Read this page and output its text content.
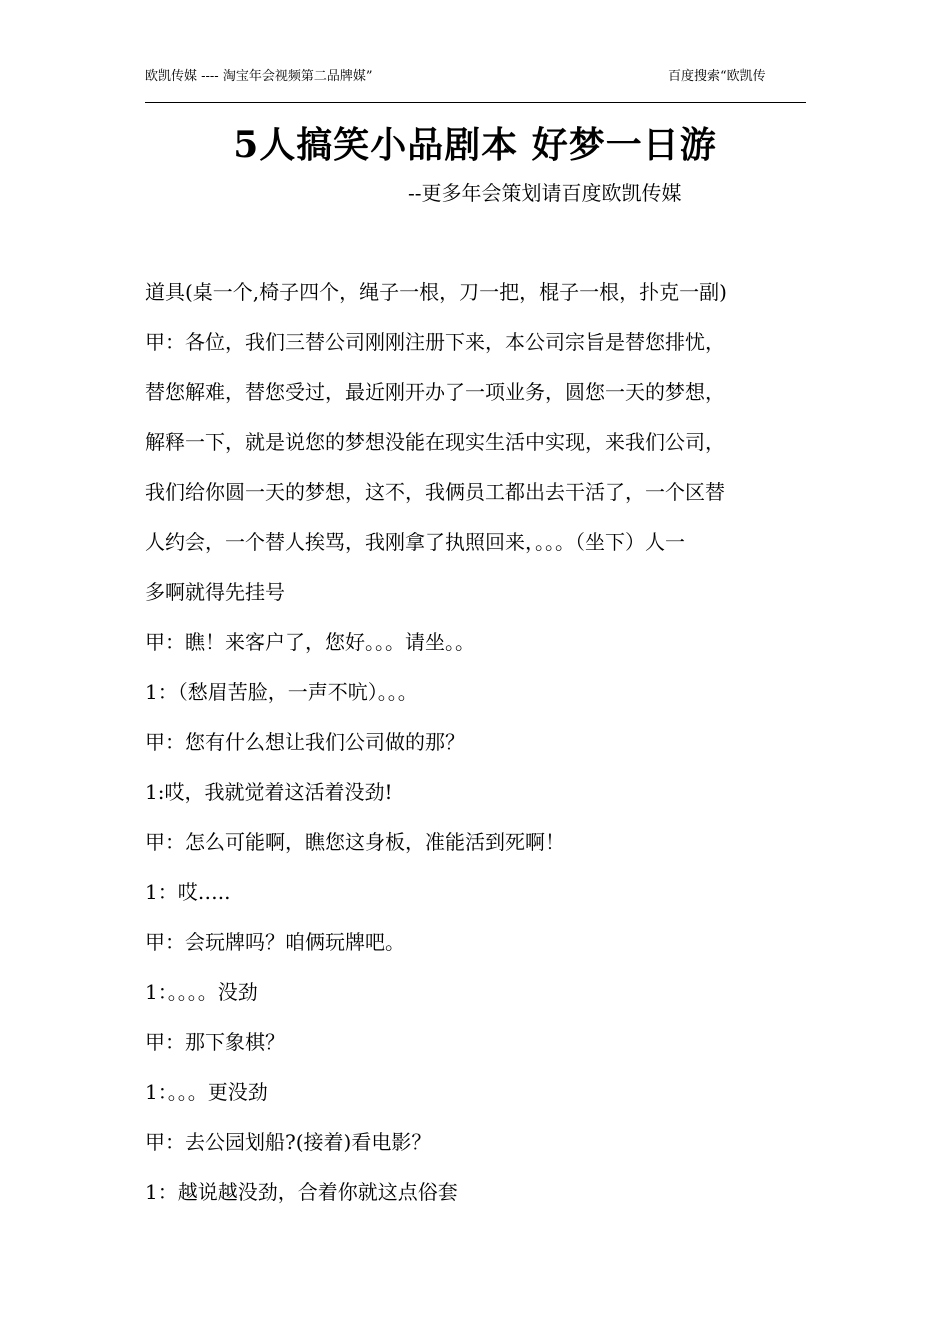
欧凯传媒 ---- 淘宝年会视频第二品牌媒”	百度搜索“欧凯传
5人搞笑小品剧本 好梦一日游
--更多年会策划请百度欧凯传媒
道具(桌一个,椅子四个，绳子一根，刀一把，棍子一根，扑克一副)
甲：各位，我们三替公司刚刚注册下来，本公司宗旨是替您排忧，
替您解难，替您受过，最近刚开办了一项业务，圆您一天的梦想，
解释一下，就是说您的梦想没能在现实生活中实现，来我们公司，
我们给你圆一天的梦想，这不，我俩员工都出去干活了，一个区替
人约会，一个替人挨骂，我刚拿了执照回来，。。。（坐下）人一
多啊就得先挂号
甲：瞧！来客户了，您好。。。请坐。。
1：（愁眉苦脸，一声不吭）。。。
甲：您有什么想让我们公司做的那？
1:哎，我就觉着这活着没劲!
甲：怎么可能啊，瞧您这身板，准能活到死啊！
1：哎…..
甲：会玩牌吗？咱俩玩牌吧。
1：。。。。没劲
甲：那下象棋？
1：。。。更没劲
甲：去公园划船?(接着)看电影？
1：越说越没劲，合着你就这点俗套
